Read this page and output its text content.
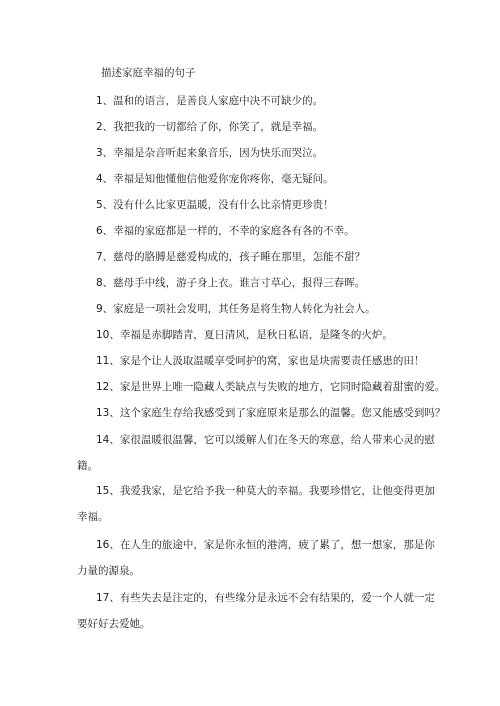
描述家庭幸福的句子
1、温和的语言，是善良人家庭中决不可缺少的。
2、我把我的一切都给了你，你笑了，就是幸福。
3、幸福是杂音听起来象音乐，因为快乐而哭泣。
4、幸福是知他懂他信他爱你宠你疼你，毫无疑问。
5、没有什么比家更温暖，没有什么比亲情更珍贵！
6、幸福的家庭都是一样的，不幸的家庭各有各的不幸。
7、慈母的胳膊是慈爱构成的，孩子睡在那里，怎能不甜？
8、慈母手中线，游子身上衣。谁言寸草心，报得三春晖。
9、家庭是一项社会发明，其任务是将生物人转化为社会人。
10、幸福是赤脚踏青，夏日清风，是秋日私语，是隆冬的火炉。
11、家是个让人汲取温暖享受呵护的窝，家也是块需要责任感患的田！
12、家是世界上唯一隐藏人类缺点与失败的地方，它同时隐藏着甜蜜的爱。
13、这个家庭生存给我感受到了家庭原来是那么的温馨。您又能感受到吗？
14、家很温暖很温馨，它可以缓解人们在冬天的寒意，给人带来心灵的慰
籍。
15、我爱我家，是它给予我一种莫大的幸福。我要珍惜它，让他变得更加
幸福。
16、在人生的旅途中，家是你永恒的港湾，疲了累了，想一想家，那是你
力量的源泉。
17、有些失去是注定的，有些缘分是永远不会有结果的，爱一个人就一定
要好好去爱她。
